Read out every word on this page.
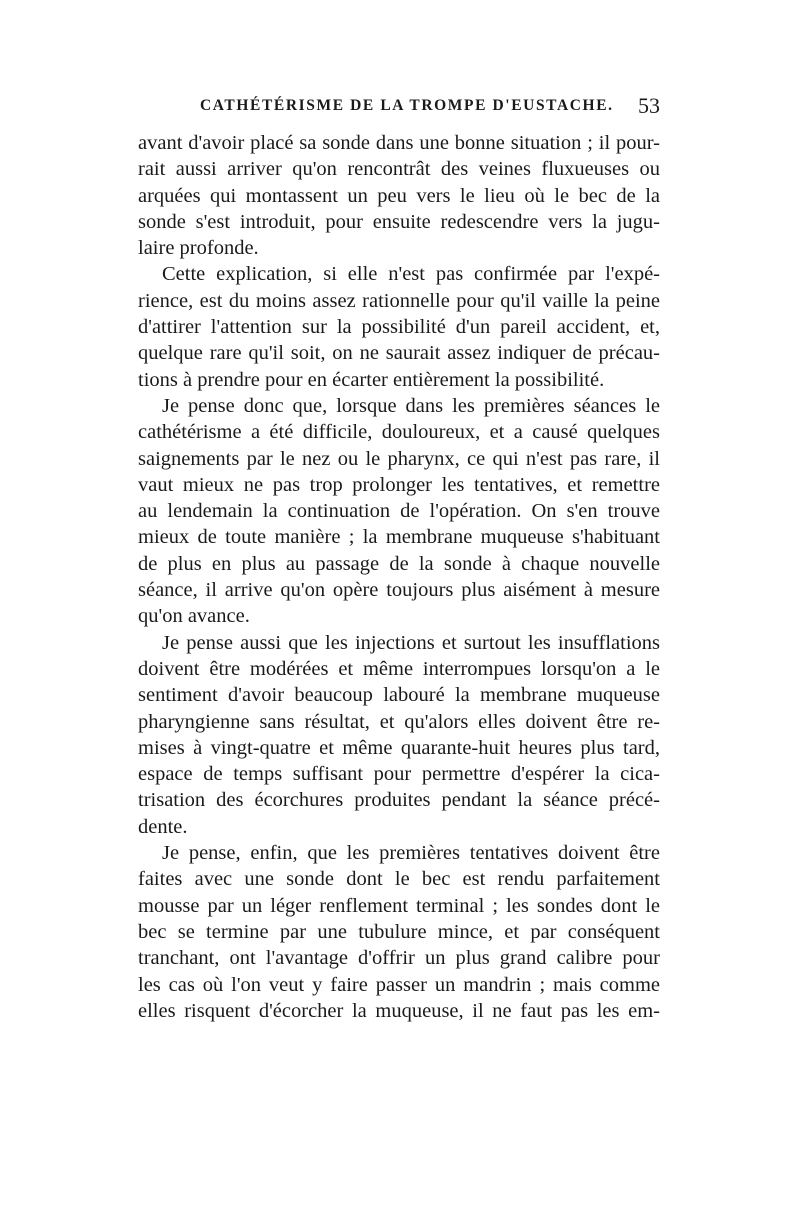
CATHÉTÉRISME DE LA TROMPE D'EUSTACHE. 53
avant d'avoir placé sa sonde dans une bonne situation ; il pour-
rait aussi arriver qu'on rencontrât des veines fluxueuses ou
arquées qui montassent un peu vers le lieu où le bec de la
sonde s'est introduit, pour ensuite redescendre vers la jugu-
laire profonde.
Cette explication, si elle n'est pas confirmée par l'expé-
rience, est du moins assez rationnelle pour qu'il vaille la peine
d'attirer l'attention sur la possibilité d'un pareil accident, et,
quelque rare qu'il soit, on ne saurait assez indiquer de précau-
tions à prendre pour en écarter entièrement la possibilité.
Je pense donc que, lorsque dans les premières séances le
cathétérisme a été difficile, douloureux, et a causé quelques
saignements par le nez ou le pharynx, ce qui n'est pas rare, il
vaut mieux ne pas trop prolonger les tentatives, et remettre
au lendemain la continuation de l'opération. On s'en trouve
mieux de toute manière ; la membrane muqueuse s'habituant
de plus en plus au passage de la sonde à chaque nouvelle
séance, il arrive qu'on opère toujours plus aisément à mesure
qu'on avance.
Je pense aussi que les injections et surtout les insufflations
doivent être modérées et même interrompues lorsqu'on a le
sentiment d'avoir beaucoup labouré la membrane muqueuse
pharyngienne sans résultat, et qu'alors elles doivent être re-
mises à vingt-quatre et même quarante-huit heures plus tard,
espace de temps suffisant pour permettre d'espérer la cica-
trisation des écorchures produites pendant la séance précé-
dente.
Je pense, enfin, que les premières tentatives doivent être
faites avec une sonde dont le bec est rendu parfaitement
mousse par un léger renflement terminal ; les sondes dont le
bec se termine par une tubulure mince, et par conséquent
tranchant, ont l'avantage d'offrir un plus grand calibre pour
les cas où l'on veut y faire passer un mandrin ; mais comme
elles risquent d'écorcher la muqueuse, il ne faut pas les em-
